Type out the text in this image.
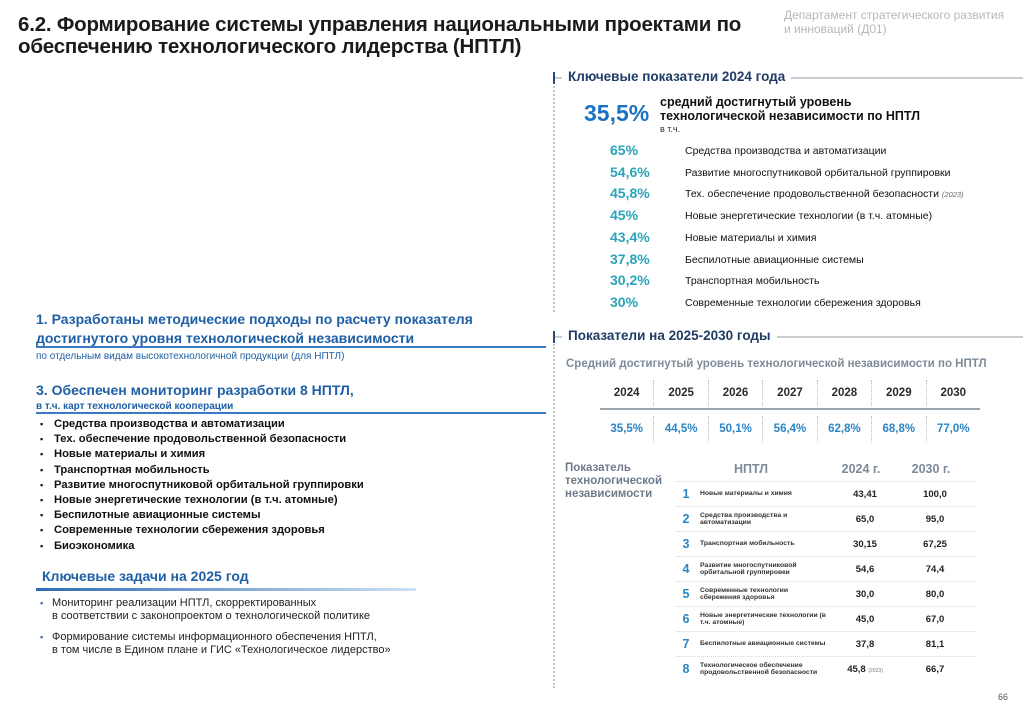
6.2. Формирование системы управления национальными проектами по обеспечению технологического лидерства (НПТЛ)
Департамент стратегического развития и инноваций (Д01)
Ключевые показатели 2024 года
35,5% средний достигнутый уровень технологической независимости по НПТЛ
в т.ч.
65%	Средства производства и автоматизации
54,6%	Развитие многоспутниковой орбитальной группировки
45,8%	Тех. обеспечение продовольственной безопасности (2023)
45%	Новые энергетические технологии (в т.ч. атомные)
43,4%	Новые материалы и химия
37,8%	Беспилотные авиационные системы
30,2%	Транспортная мобильность
30%	Современные технологии сбережения здоровья
1. Разработаны методические подходы по расчету показателя достигнутого уровня технологической независимости
по отдельным видам высокотехнологичной продукции (для НПТЛ)
3. Обеспечен мониторинг разработки 8 НПТЛ,
в т.ч. карт технологической кооперации
▪ Средства производства и автоматизации
▪ Тех. обеспечение продовольственной безопасности
▪ Новые материалы и химия
▪ Транспортная мобильность
▪ Развитие многоспутниковой орбитальной группировки
▪ Новые энергетические технологии (в т.ч. атомные)
▪ Беспилотные авиационные системы
▪ Современные технологии сбережения здоровья
▪ Биоэкономика
Ключевые задачи на 2025 год
▪ Мониторинг реализации НПТЛ, скорректированных
в соответствии с законопроектом о технологической политике
▪ Формирование системы информационного обеспечения НПТЛ,
в том числе в Едином плане и ГИС «Технологическое лидерство»
Показатели на 2025-2030 годы
Средний достигнутый уровень технологической независимости по НПТЛ
2024	2025	2026	2027	2028	2029	2030
35,5%	44,5%	50,1%	56,4%	62,8%	68,8%	77,0%
Показатель технологической независимости
НПТЛ	2024 г.	2030 г.
1	Новые материалы и химия	43,41	100,0
2	Средства производства и автоматизации	65,0	95,0
3	Транспортная мобильность	30,15	67,25
4	Развитие многоспутниковой орбитальной группировки	54,6	74,4
5	Современные технологии сбережения здоровья	30,0	80,0
6	Новые энергетические технологии (в т.ч. атомные)	45,0	67,0
7	Беспилотные авиационные системы	37,8	81,1
8	Технологическое обеспечение продовольственной безопасности	45,8 (2023)	66,7
66
